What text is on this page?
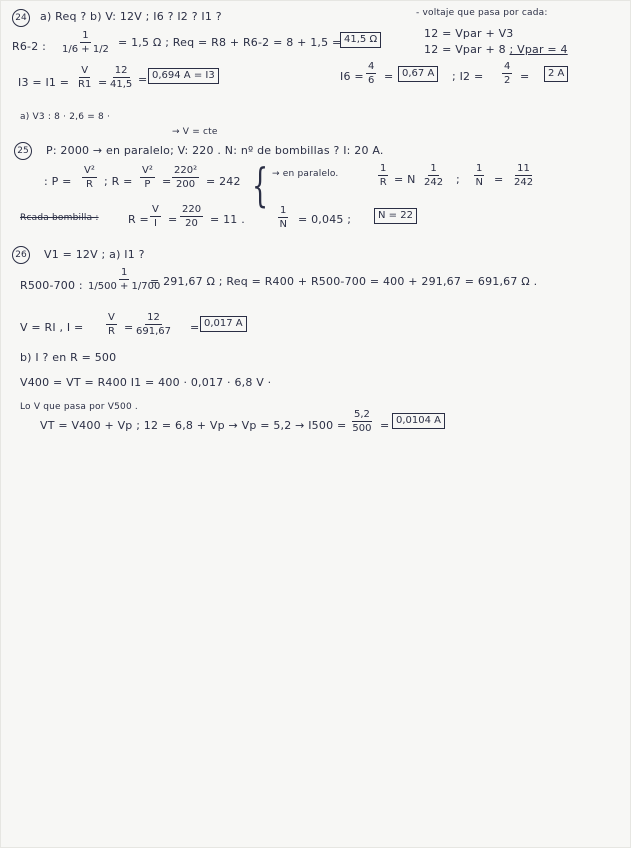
24 a) Req ? b) V: 12V ; I6 ? I2 ? I1 ?	- voltaje que pasa por cada:
R6-2 : $\frac{1}{1/6 + 1/2} = 1,5$ Ω ; Req = R8 + R6-2 = 8 + 1,5 = 41,5 Ω	12 = Vpar + V3
12 = Vpar + 8 ; Vpar = 4
$I3 = I1 = \frac{V}{R1} = \frac{12}{41,5} = 0,694$ A = I3	$I6 = \frac{4}{6} = 0,67$ A	; $I2 = \frac{4}{2}$ =	2 A
a) V3 : 8 · 2,6 = 8 ·
→ V = cte
25 P: 2000 → en paralelo; V: 220 . N: nº de bombillas ? I: 20 A.
: $P = \frac{\text{V²}}{R}$ ; $R = \frac{\text{V²}}{P} = \frac{\text{220²}}{200} = 242$ { → en paralelo.	$\frac{1}{R} = N \frac{1}{242}$ ; $\frac{1}{N} = \frac{11}{242}$
Rcada bombilla :	$R = \frac{V}{I} = \frac{220}{20} = 11$ .	$\frac{1}{N} = 0,045$ ;	N = 22
26 V1 = 12V ; a) I1 ?
R500-700 : $\frac{1}{1/500 + 1/700}$
= 291,67 Ω ; Req = R400 + R500-700 = 400 + 291,67 = 691,67 Ω .
V = RI , $I = \frac{V}{R} = \frac{12}{691,67} = 0,017$ A
b) I ? en R = 500
V400 = VT = R400 I1 = 400 · 0,017 · 6,8 V ·
Lo V que pasa por V500 .
VT = V400 + Vp ; $12 = 6,8 + Vp \to Vp = 5,2 \to I500 = \frac{5,2}{500} = 0,0104$ A
